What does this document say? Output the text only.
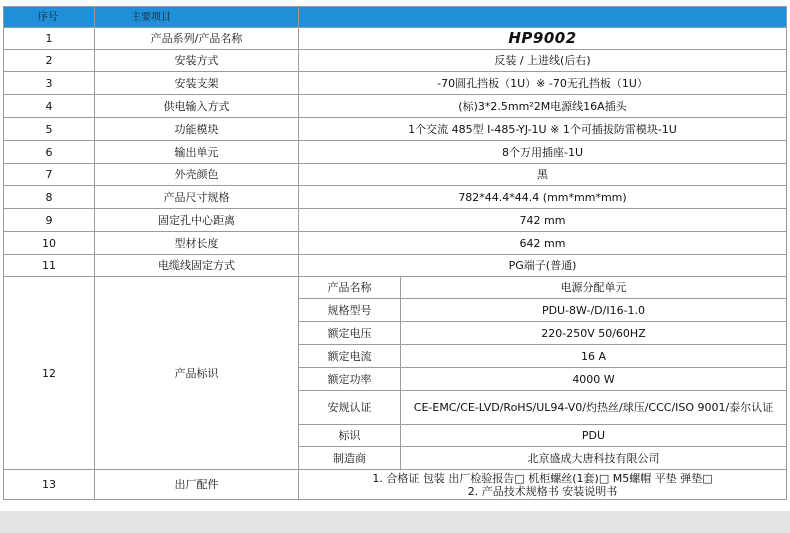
序号	主要项目		
1	产品系列/产品名称	HP9002	
2	安装方式	反装 / 上进线(后右)	
3	安装支架	-70圆孔挡板（1U）※ -70无孔挡板（1U）	
4	供电输入方式	(标)3*2.5mm²2M电源线16A插头	
5	功能模块	1个交流 485型 I-485-YJ-1U ※ 1个可插拔防雷模块-1U	
6	输出单元	8个万用插座-1U	
7	外壳颜色	黑	
8	产品尺寸规格	782*44.4*44.4 (mm*mm*mm)	
9	固定孔中心距离	742 mm	
10	型材长度	642 mm	
11	电缆线固定方式	PG端子(普通)	
12	产品标识	产品名称	电源分配单元
		规格型号	PDU-8W-/D/I16-1.0
		额定电压	220-250V 50/60HZ
		额定电流	16 A
		额定功率	4000 W
		安规认证	CE-EMC/CE-LVD/RoHS/UL94-V0/灼热丝/球压/CCC/ISO 9001/泰尔认证
		标识	PDU
		制造商	北京盛成大唐科技有限公司
13	出厂配件	1. 合格证 包装 出厂检验报告□ 机柜螺丝(1套)□ M5螺帽 平垫 弹垫□
2. 产品技术规格书 安装说明书	
